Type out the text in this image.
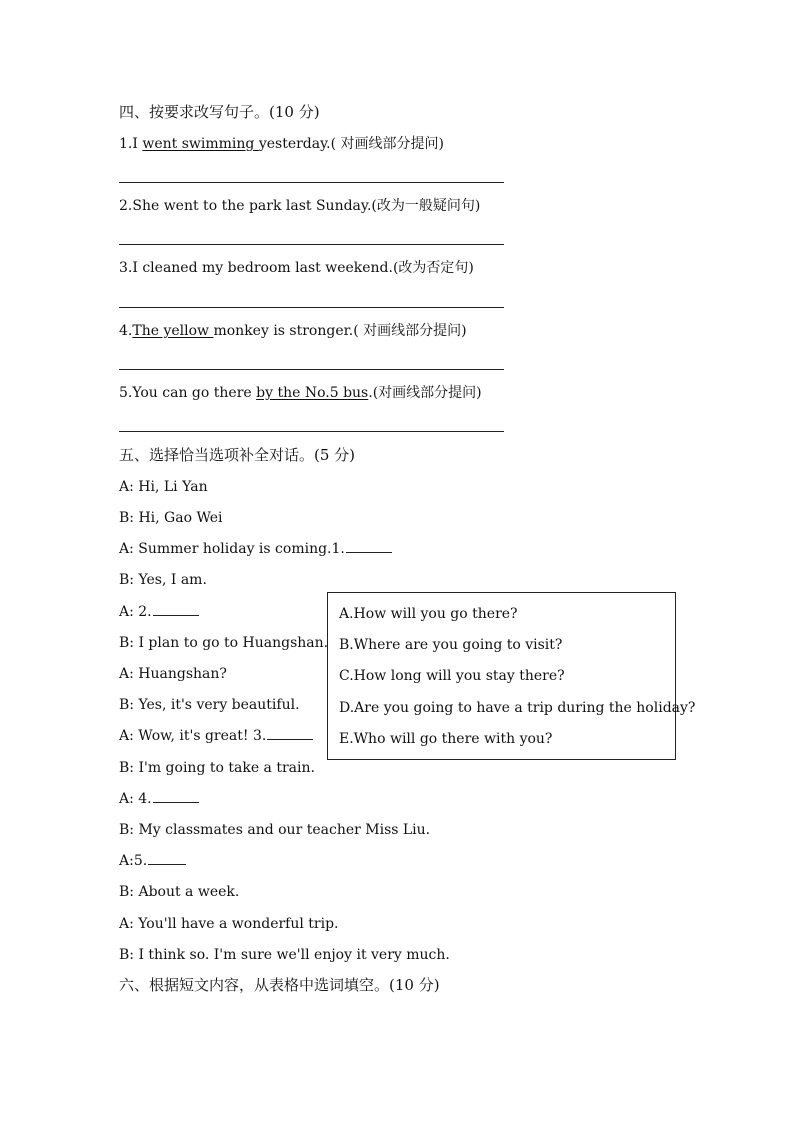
四、按要求改写句子。(10 分)
1.I went swimming yesterday.( 对画线部分提问)
2.She went to the park last Sunday.(改为一般疑问句)
3.I cleaned my bedroom last weekend.(改为否定句)
4.The yellow monkey is stronger.( 对画线部分提问)
5.You can go there by the No.5 bus.(对画线部分提问)
五、选择恰当选项补全对话。(5 分)
A: Hi, Li Yan
B: Hi, Gao Wei
A: Summer holiday is coming.1.
B: Yes, I am.
A: 2.
B: I plan to go to Huangshan.
A: Huangshan?
B: Yes, it's very beautiful.
A: Wow, it's great! 3.
B: I'm going to take a train.
A: 4.
B: My classmates and our teacher Miss Liu.
A:5.
B: About a week.
A: You'll have a wonderful trip.
B: I think so. I'm sure we'll enjoy it very much.
A.How will you go there?
B.Where are you going to visit?
C.How long will you stay there?
D.Are you going to have a trip during the holiday?
E.Who will go there with you?
六、根据短文内容，从表格中选词填空。(10 分)
